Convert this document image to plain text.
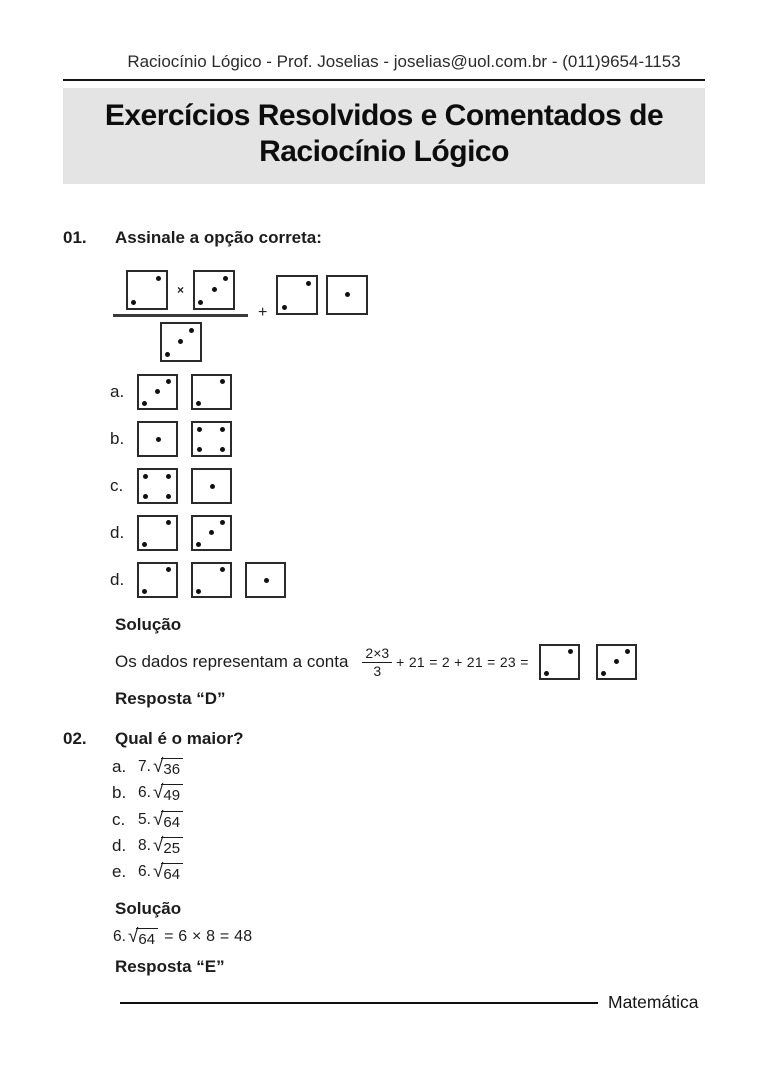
Raciocínio Lógico - Prof. Joselias - joselias@uol.com.br - (011)9654-1153
Exercícios Resolvidos e Comentados de
Raciocínio Lógico
01.	Assinale a opção correta:
×
+
a.
b.
c.
d.
d.
Solução
Os dados representam a conta $\frac{2\times 3}{3} + 21 = 2 + 21 = 23$ =
Resposta “D”
02.	Qual é o maior?
a. 7. √ 36
b. 6. √ 49
c. 5. √ 64
d. 8. √ 25
e. 6. √ 64
Solução
6. √ 64 = 6 × 8 = 48
Resposta “E”
Matemática
